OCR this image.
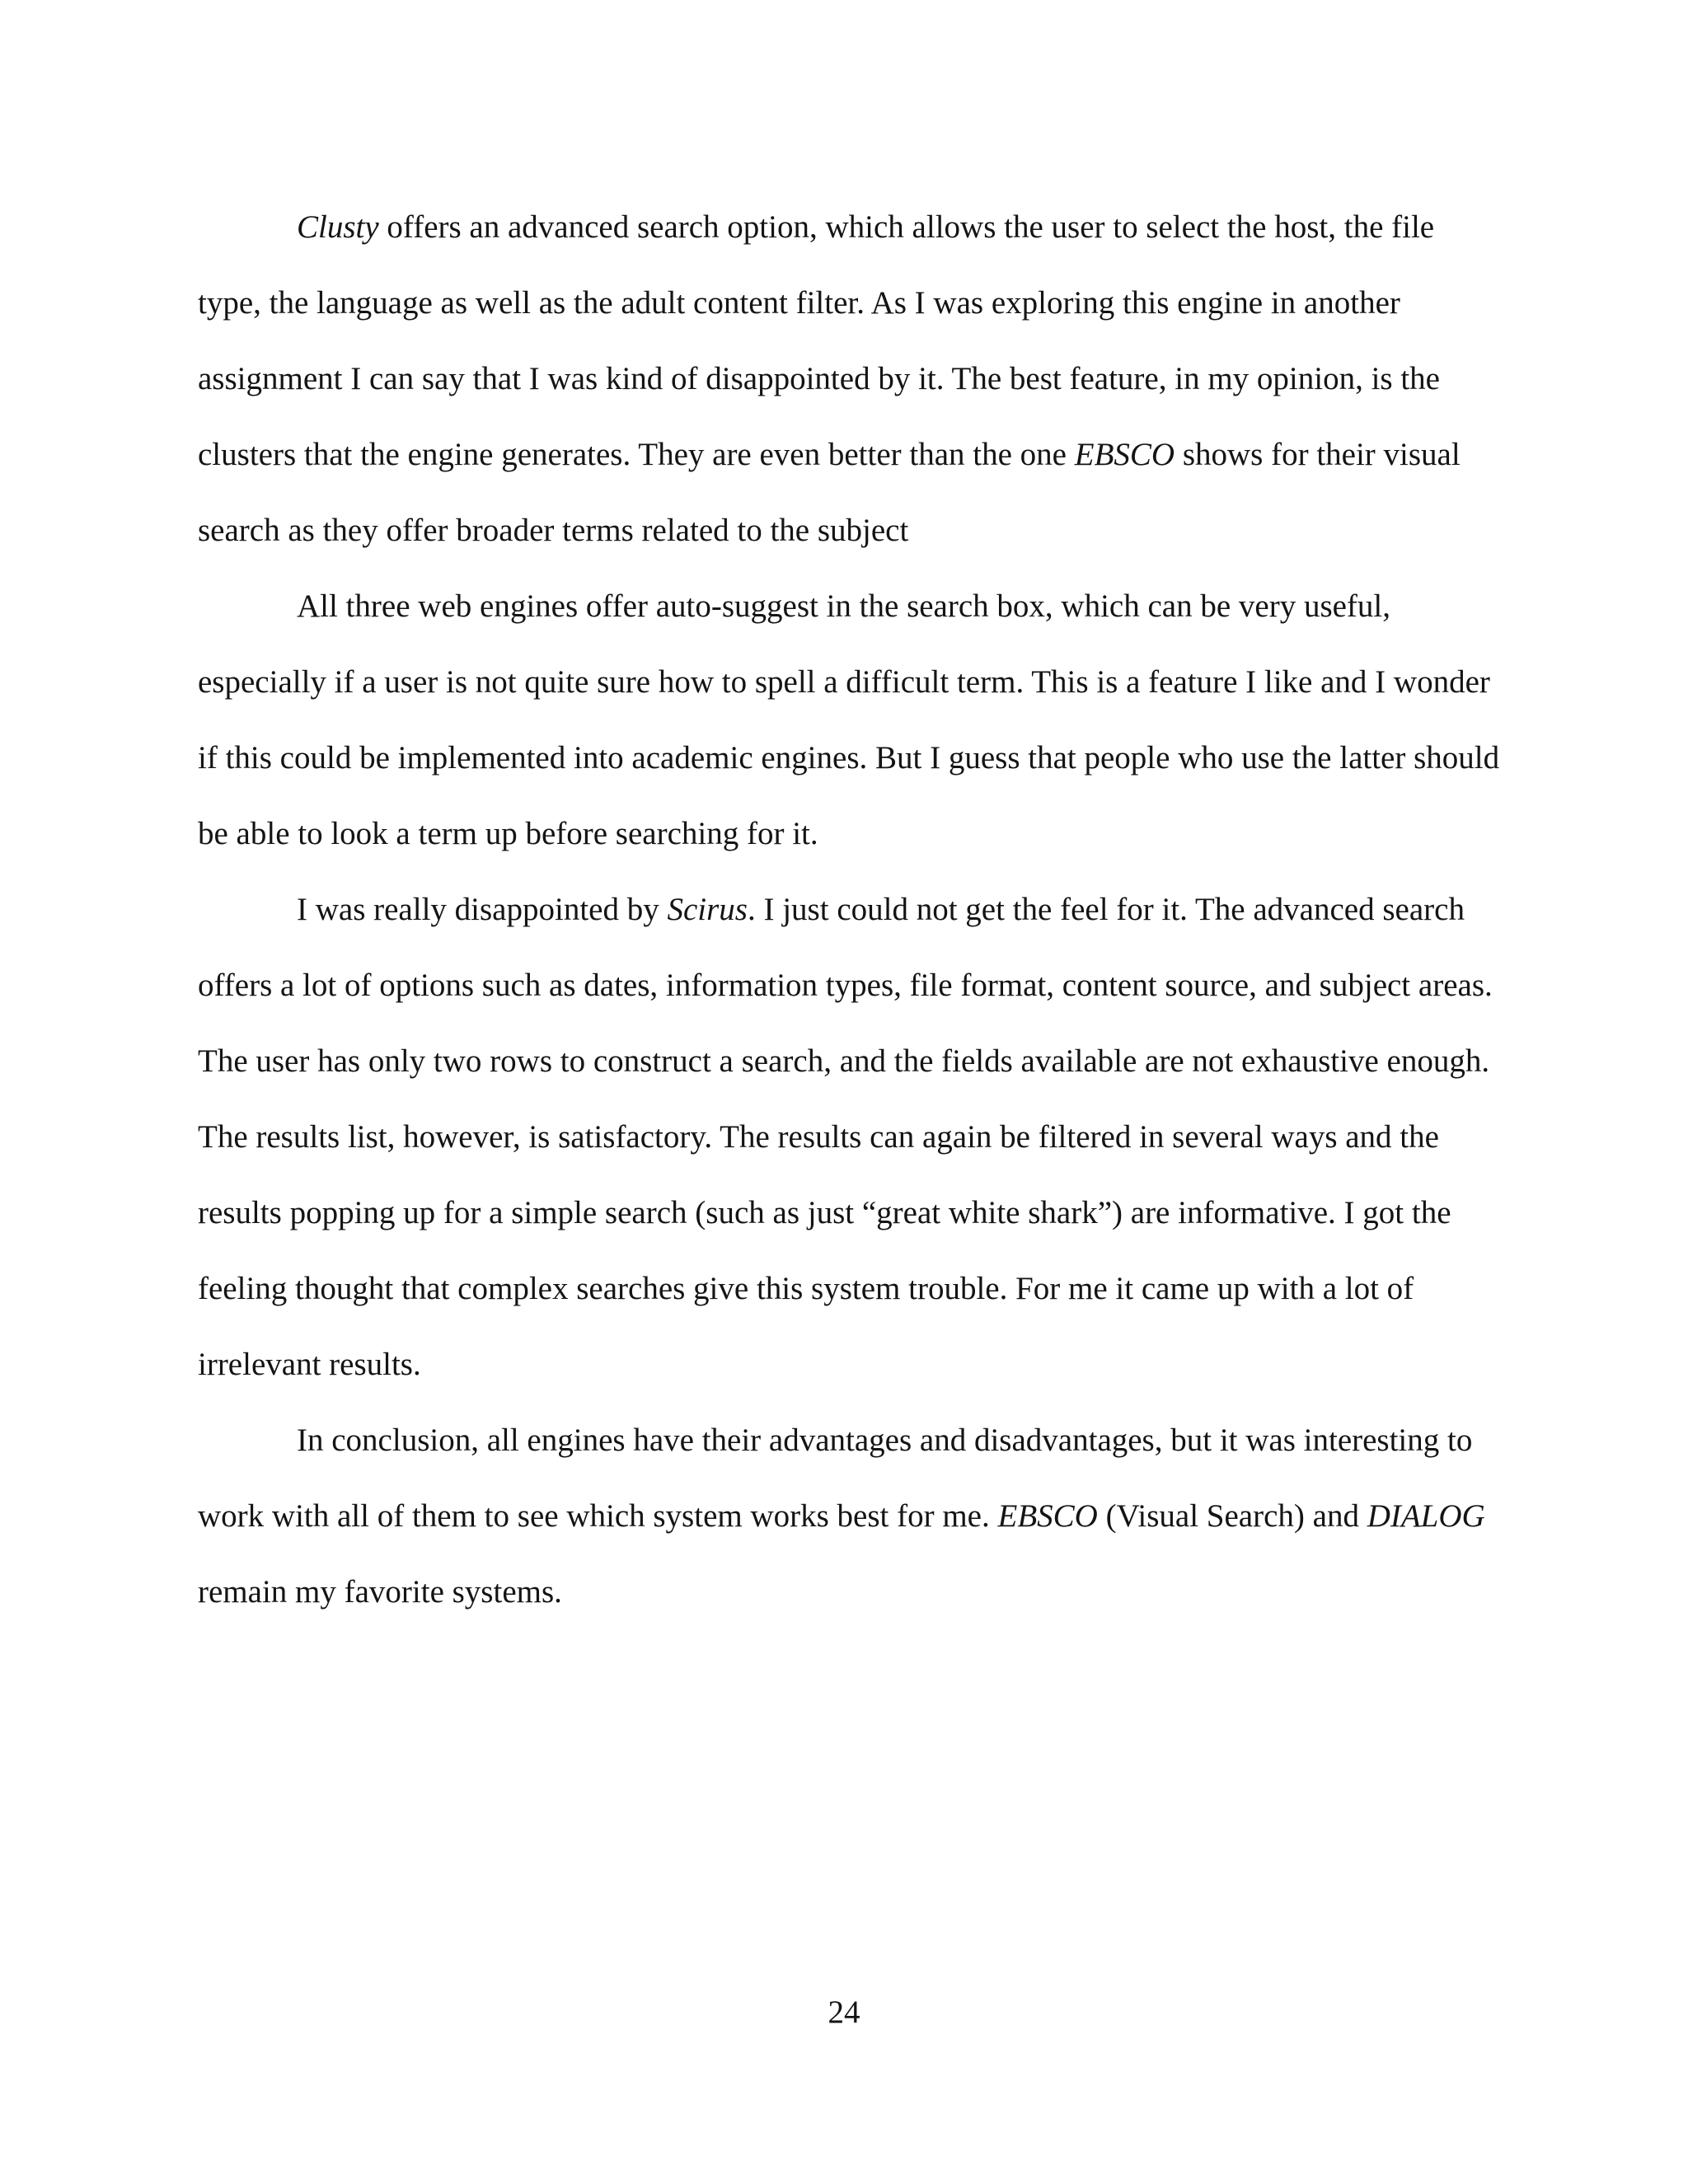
Clusty offers an advanced search option, which allows the user to select the host, the file type, the language as well as the adult content filter. As I was exploring this engine in another assignment I can say that I was kind of disappointed by it. The best feature, in my opinion, is the clusters that the engine generates. They are even better than the one EBSCO shows for their visual search as they offer broader terms related to the subject

All three web engines offer auto-suggest in the search box, which can be very useful, especially if a user is not quite sure how to spell a difficult term. This is a feature I like and I wonder if this could be implemented into academic engines. But I guess that people who use the latter should be able to look a term up before searching for it.

I was really disappointed by Scirus. I just could not get the feel for it. The advanced search offers a lot of options such as dates, information types, file format, content source, and subject areas. The user has only two rows to construct a search, and the fields available are not exhaustive enough. The results list, however, is satisfactory. The results can again be filtered in several ways and the results popping up for a simple search (such as just “great white shark”) are informative. I got the feeling thought that complex searches give this system trouble. For me it came up with a lot of irrelevant results.

In conclusion, all engines have their advantages and disadvantages, but it was interesting to work with all of them to see which system works best for me. EBSCO (Visual Search) and DIALOG remain my favorite systems.

24
